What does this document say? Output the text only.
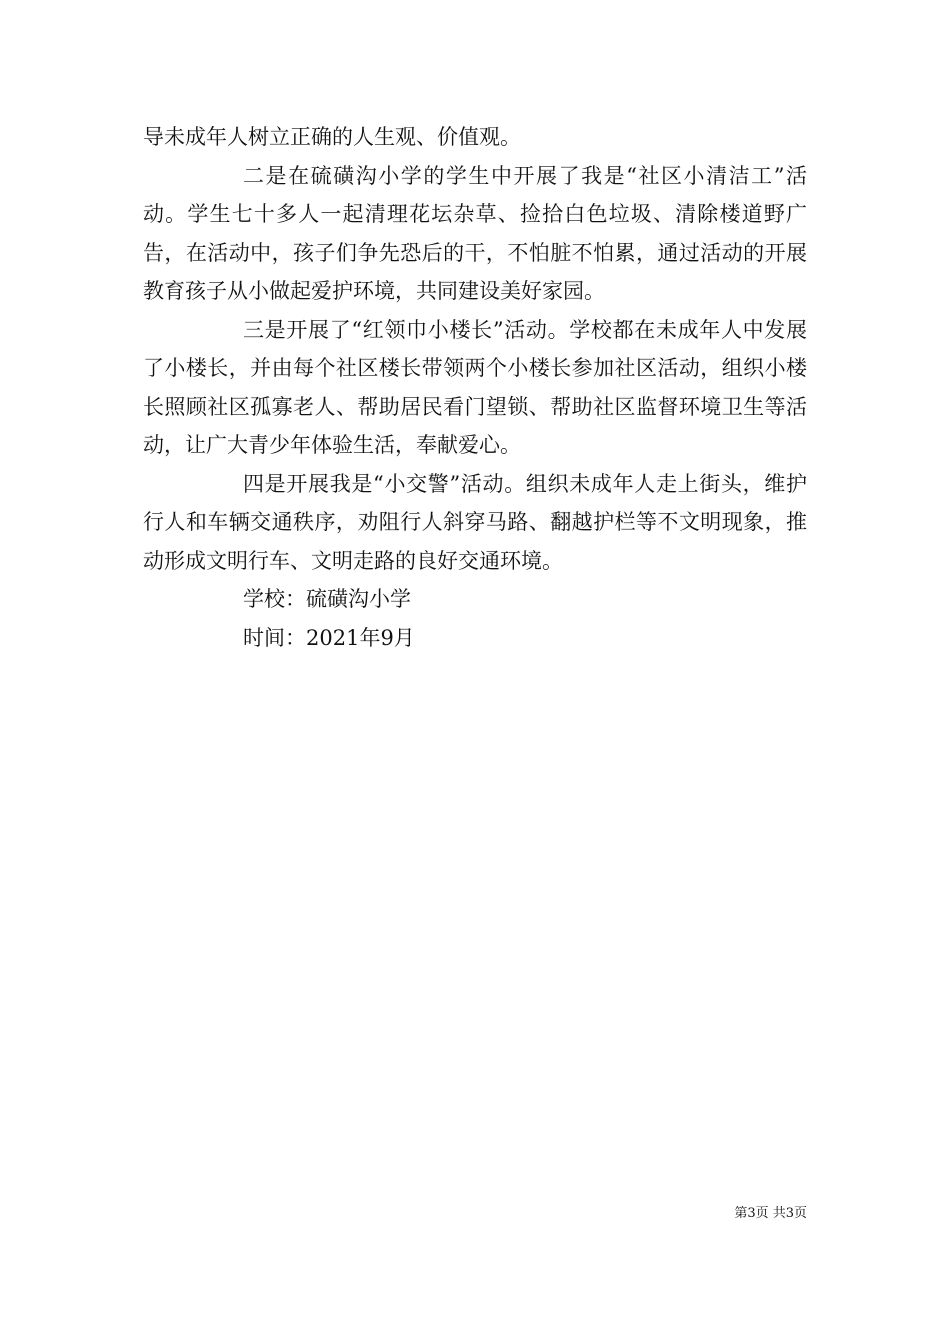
导未成年人树立正确的人生观、价值观。

二是在硫磺沟小学的学生中开展了我是“社区小清洁工”活动。学生七十多人一起清理花坛杂草、捡拾白色垃圾、清除楼道野广告，在活动中，孩子们争先恐后的干，不怕脏不怕累，通过活动的开展教育孩子从小做起爱护环境，共同建设美好家园。

三是开展了“红领巾小楼长”活动。学校都在未成年人中发展了小楼长，并由每个社区楼长带领两个小楼长参加社区活动，组织小楼长照顾社区孤寡老人、帮助居民看门望锁、帮助社区监督环境卫生等活动，让广大青少年体验生活，奉献爱心。

四是开展我是“小交警”活动。组织未成年人走上街头，维护行人和车辆交通秩序，劝阻行人斜穿马路、翻越护栏等不文明现象，推动形成文明行车、文明走路的良好交通环境。

学校：硫磺沟小学

时间：2021年9月

第3页 共3页
